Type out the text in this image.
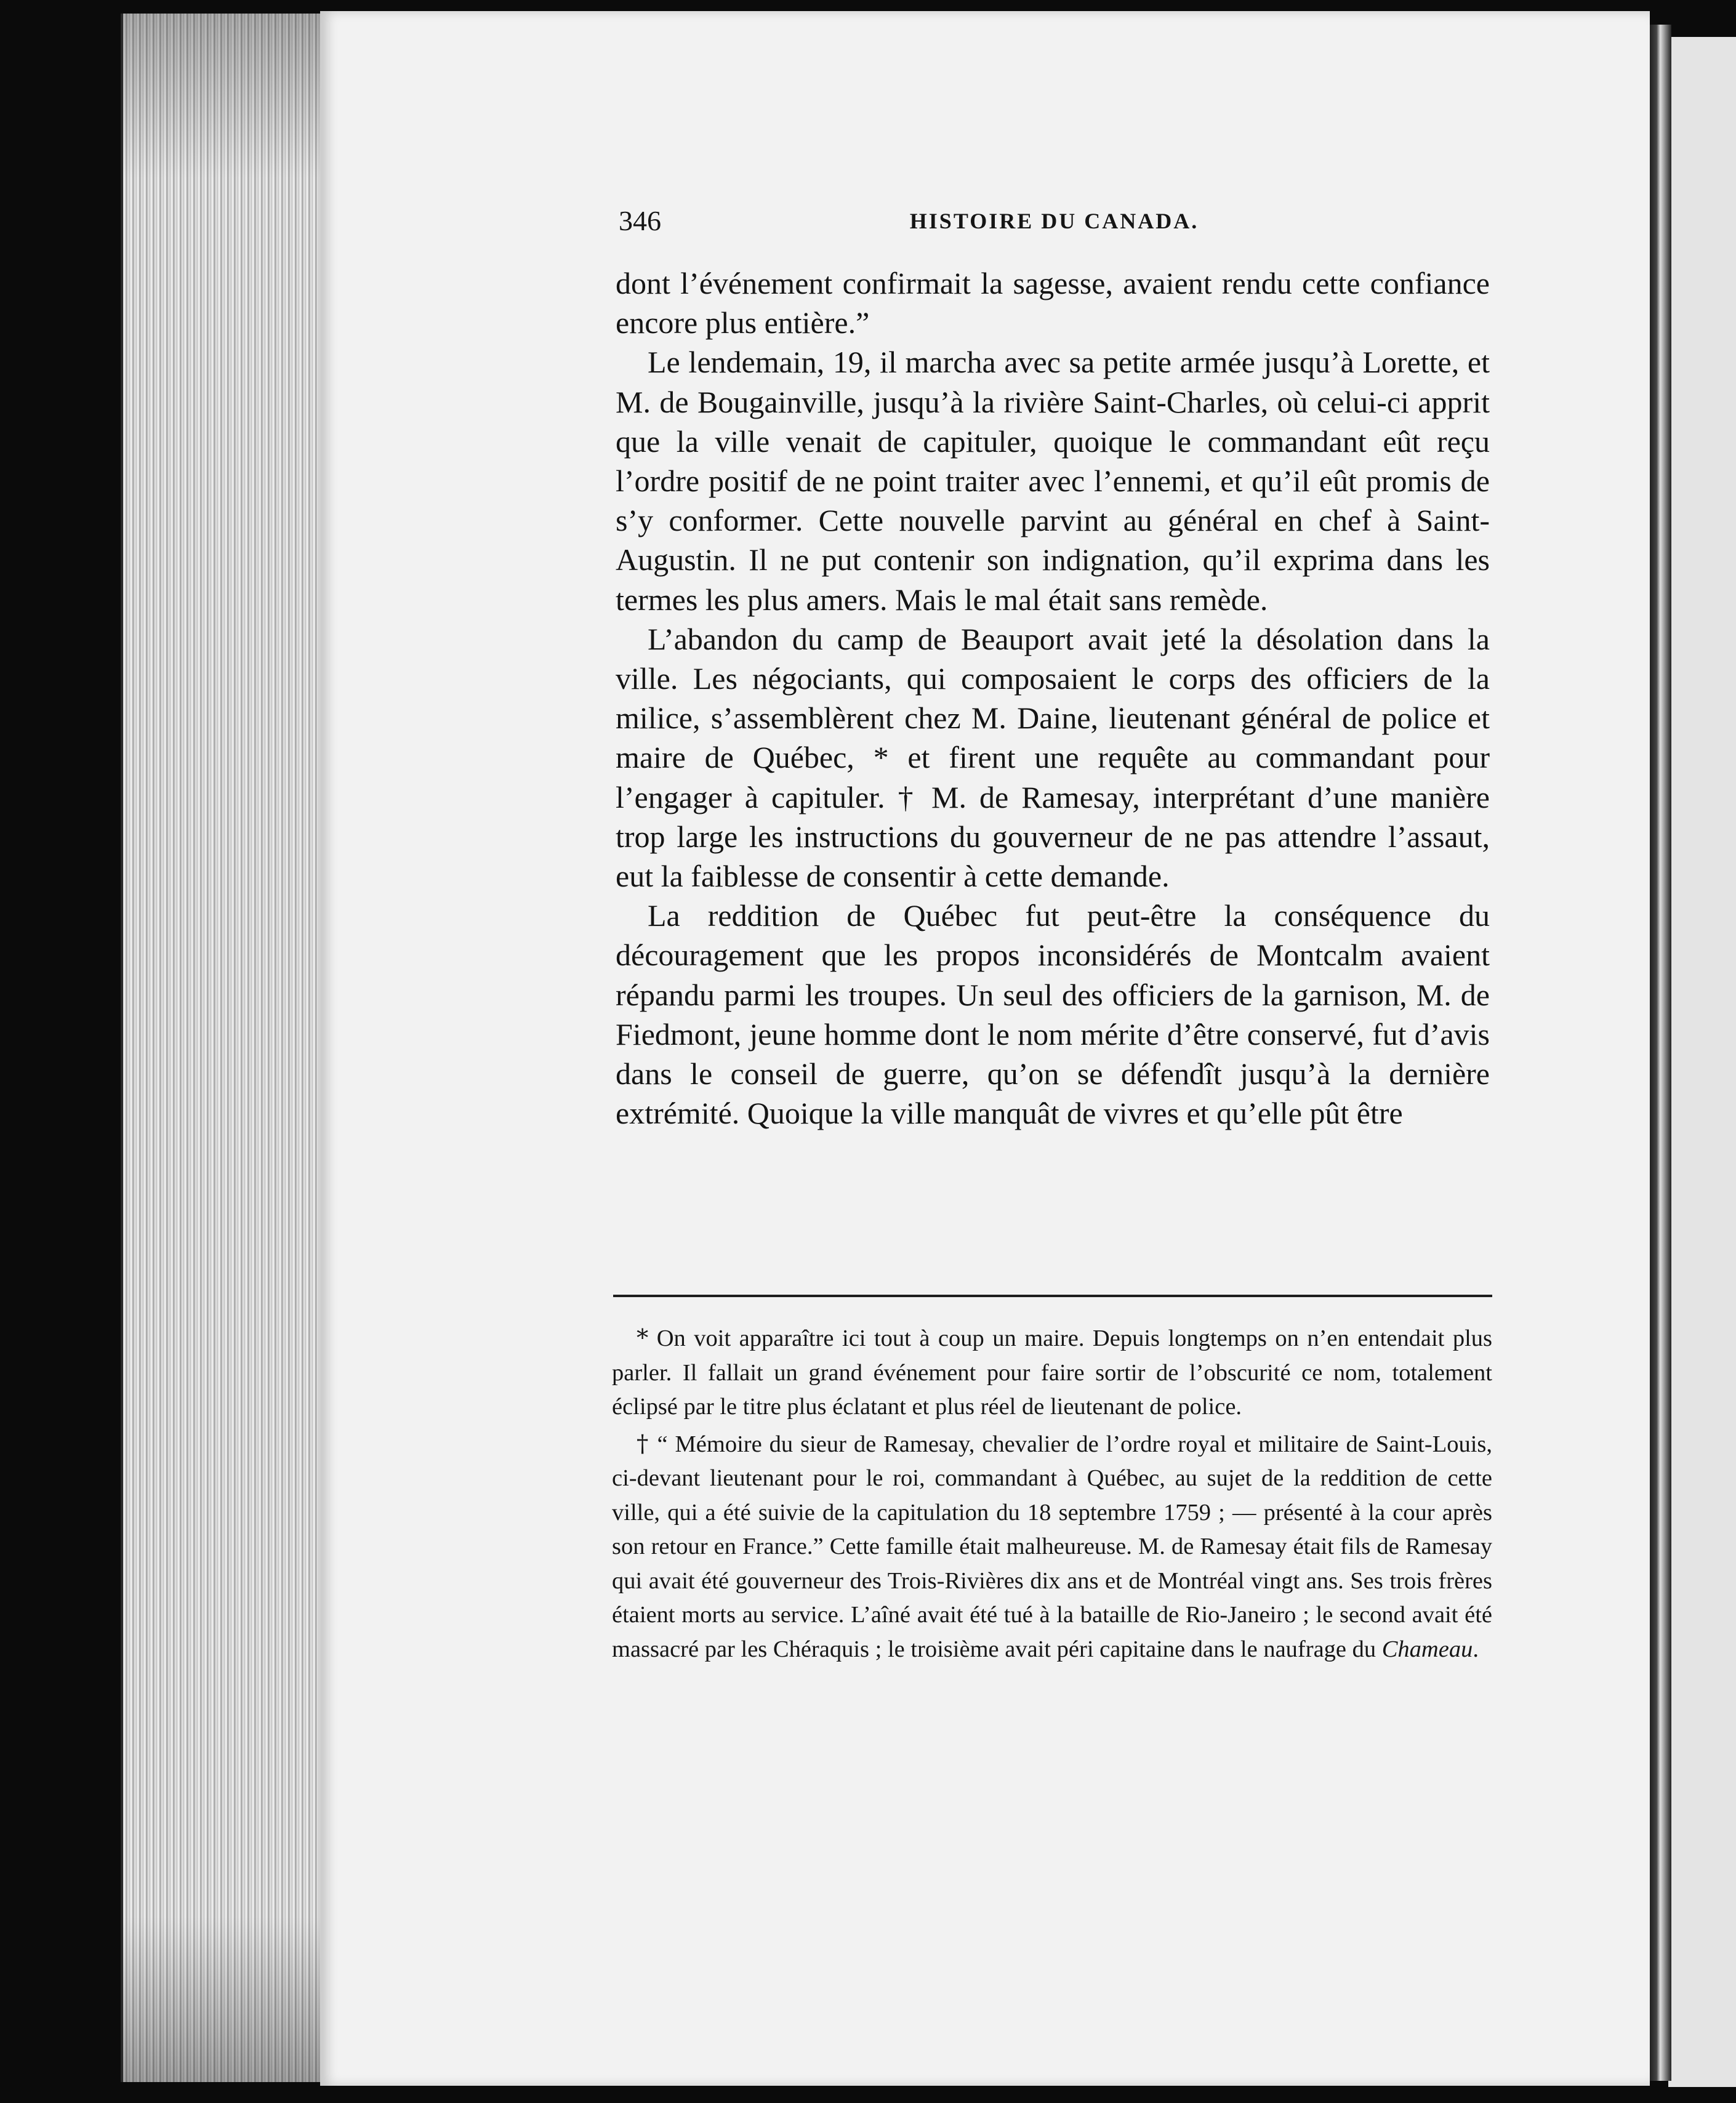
346	HISTOIRE DU CANADA.

dont l’événement confirmait la sagesse, avaient rendu cette confiance encore plus entière.”

Le lendemain, 19, il marcha avec sa petite armée jusqu’à Lorette, et M. de Bougainville, jusqu’à la rivière Saint-Charles, où celui-ci apprit que la ville venait de capituler, quoique le commandant eût reçu l’ordre positif de ne point traiter avec l’ennemi, et qu’il eût promis de s’y conformer. Cette nouvelle parvint au général en chef à Saint-Augustin. Il ne put contenir son indignation, qu’il exprima dans les termes les plus amers. Mais le mal était sans remède.

L’abandon du camp de Beauport avait jeté la désolation dans la ville. Les négociants, qui composaient le corps des officiers de la milice, s’assemblèrent chez M. Daine, lieutenant général de police et maire de Québec, * et firent une requête au commandant pour l’engager à capituler. † M. de Ramesay, interprétant d’une manière trop large les instructions du gouverneur de ne pas attendre l’assaut, eut la faiblesse de consentir à cette demande.

La reddition de Québec fut peut-être la conséquence du découragement que les propos inconsidérés de Montcalm avaient répandu parmi les troupes. Un seul des officiers de la garnison, M. de Fiedmont, jeune homme dont le nom mérite d’être conservé, fut d’avis dans le conseil de guerre, qu’on se défendît jusqu’à la dernière extrémité. Quoique la ville manquât de vivres et qu’elle pût être

* On voit apparaître ici tout à coup un maire. Depuis longtemps on n’en entendait plus parler. Il fallait un grand événement pour faire sortir de l’obscurité ce nom, totalement éclipsé par le titre plus éclatant et plus réel de lieutenant de police.

† “ Mémoire du sieur de Ramesay, chevalier de l’ordre royal et militaire de Saint-Louis, ci-devant lieutenant pour le roi, commandant à Québec, au sujet de la reddition de cette ville, qui a été suivie de la capitulation du 18 septembre 1759 ; — présenté à la cour après son retour en France.” Cette famille était malheureuse. M. de Ramesay était fils de Ramesay qui avait été gouverneur des Trois-Rivières dix ans et de Montréal vingt ans. Ses trois frères étaient morts au service. L’aîné avait été tué à la bataille de Rio-Janeiro ; le second avait été massacré par les Chéraquis ; le troisième avait péri capitaine dans le naufrage du Chameau.
